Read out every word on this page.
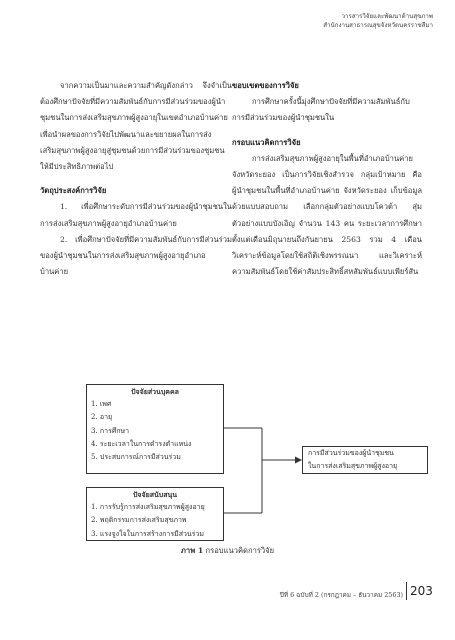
วารสารวิจัยและพัฒนาด้านสุขภาพ
สำนักงานสาธารณสุขจังหวัดนครราชสีมา

จากความเป็นมาและความสำคัญดังกล่าว จึงจำเป็นต้องศึกษาปัจจัยที่มีความสัมพันธ์กับการมีส่วนร่วมของผู้นำชุมชนในการส่งเสริมสุขภาพผู้สูงอายุในเขตอำเภอบ้านค่าย เพื่อนำผลของการวิจัยไปพัฒนาและขยายผลในการส่งเสริมสุขภาพผู้สูงอายุสู่ชุมชนด้วยการมีส่วนร่วมของชุมชนให้มีประสิทธิภาพต่อไป

วัตถุประสงค์การวิจัย

1. เพื่อศึกษาระดับการมีส่วนร่วมของผู้นำชุมชนในการส่งเสริมสุขภาพผู้สูงอายุอำเภอบ้านค่าย

2. เพื่อศึกษาปัจจัยที่มีความสัมพันธ์กับการมีส่วนร่วมของผู้นำชุมชนในการส่งเสริมสุขภาพผู้สูงอายุอำเภอบ้านค่าย

ขอบเขตของการวิจัย

การศึกษาครั้งนี้มุ่งศึกษาปัจจัยที่มีความสัมพันธ์กับการมีส่วนร่วมของผู้นำชุมชนใน

กรอบแนวคิดการวิจัย

การส่งเสริมสุขภาพผู้สูงอายุในพื้นที่อำเภอบ้านค่าย จังหวัดระยอง เป็นการวิจัยเชิงสำรวจ กลุ่มเป้าหมาย คือ ผู้นำชุมชนในพื้นที่อำเภอบ้านค่าย จังหวัดระยอง เก็บข้อมูลด้วยแบบสอบถาม เลือกกลุ่มตัวอย่างแบบโควต้า สุ่มตัวอย่างแบบบังเอิญ จำนวน 143 คน ระยะเวลาการศึกษาตั้งแต่เดือนมิถุนายนถึงกันยายน 2563 รวม 4 เดือน วิเคราะห์ข้อมูลโดยใช้สถิติเชิงพรรณนา และวิเคราะห์ความสัมพันธ์โดยใช้ค่าสัมประสิทธิ์สหสัมพันธ์แบบเพียร์สัน

ปัจจัยส่วนบุคคล
1. เพศ
2. อายุ
3. การศึกษา
4. ระยะเวลาในการดำรงตำแหน่ง
5. ประสบการณ์การมีส่วนร่วม
ปัจจัยสนับสนุน
1. การรับรู้การส่งเสริมสุขภาพผู้สูงอายุ
2. พฤติกรรมการส่งเสริมสุขภาพ
3. แรงจูงใจในการสร้างการมีส่วนร่วม
การมีส่วนร่วมของผู้นำชุมชน
ในการส่งเสริมสุขภาพผู้สูงอายุ
ภาพ 1 กรอบแนวคิดการวิจัย
ปีที่ 6 ฉบับที่ 2 (กรกฎาคม – ธันวาคม 2563) 203
